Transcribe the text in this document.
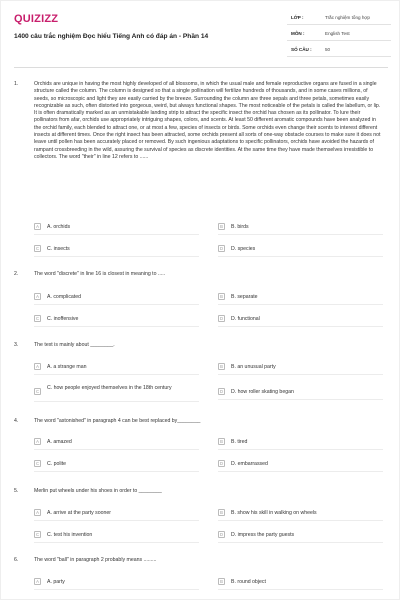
QUIZIZZ
1400 câu trắc nghiệm Đọc hiểu Tiếng Anh có đáp án - Phần 14
LỚP :	Trắc nghiệm tổng hợp
MÔN :	English Test
SỐ CÂU :	50
1.	Orchids are unique in having the most highly developed of all blossoms, in which the usual male and female reproductive organs are fused in a single structure called the column. The column is designed so that a single pollination will fertilize hundreds of thousands, and in some cases millions, of seeds, so microscopic and light they are easily carried by the breeze. Surrounding the column are three sepals and three petals, sometimes easily recognizable as such, often distorted into gorgeous, weird, but always functional shapes. The most noticeable of the petals is called the labellum, or lip. It is often dramatically marked as an unmistakable landing strip to attract the specific insect the orchid has chosen as its pollinator. To lure their pollinators from afar, orchids use appropriately intriguing shapes, colors, and scents. At least 50 different aromatic compounds have been analyzed in the orchid family, each blended to attract one, or at most a few, species of insects or birds. Some orchids even change their scents to interest different insects at different times. Once the right insect has been attracted, some orchids present all sorts of one-way obstacle courses to make sure it does not leave until pollen has been accurately placed or removed. By such ingenious adaptations to specific pollinators, orchids have avoided the hazards of rampant crossbreeding in the wild, assuring the survival of species as discrete identities. At the same time they have made themselves irresistible to collectors. The word "their" in line 12 refers to ......
A	A. orchids	B	B. birds
C	C. insects	D	D. species
2.	The word "discrete" in line 16 is closest in meaning to .....
A	A. complicated	B	B. separate
C	C. inoffensive	D	D. functional
3.	The text is mainly about ________.
A	A. a strange man	B	B. an unusual party
C
C. how people enjoyed themselves in the 18th century
D	D. how roller skating began
4.	The word "astonished" in paragraph 4 can be best replaced by________
A	A. amazed	B	B. tired
C	C. polite	D	D. embarrassed
5.	Merlin put wheels under his shoes in order to ________
A	A. arrive at the party sooner	B	B. show his skill in walking on wheels
C	C. test his invention	D	D. impress the party guests
6.	The word "ball" in paragraph 2 probably means .........
A	A. party	B	B. round object
